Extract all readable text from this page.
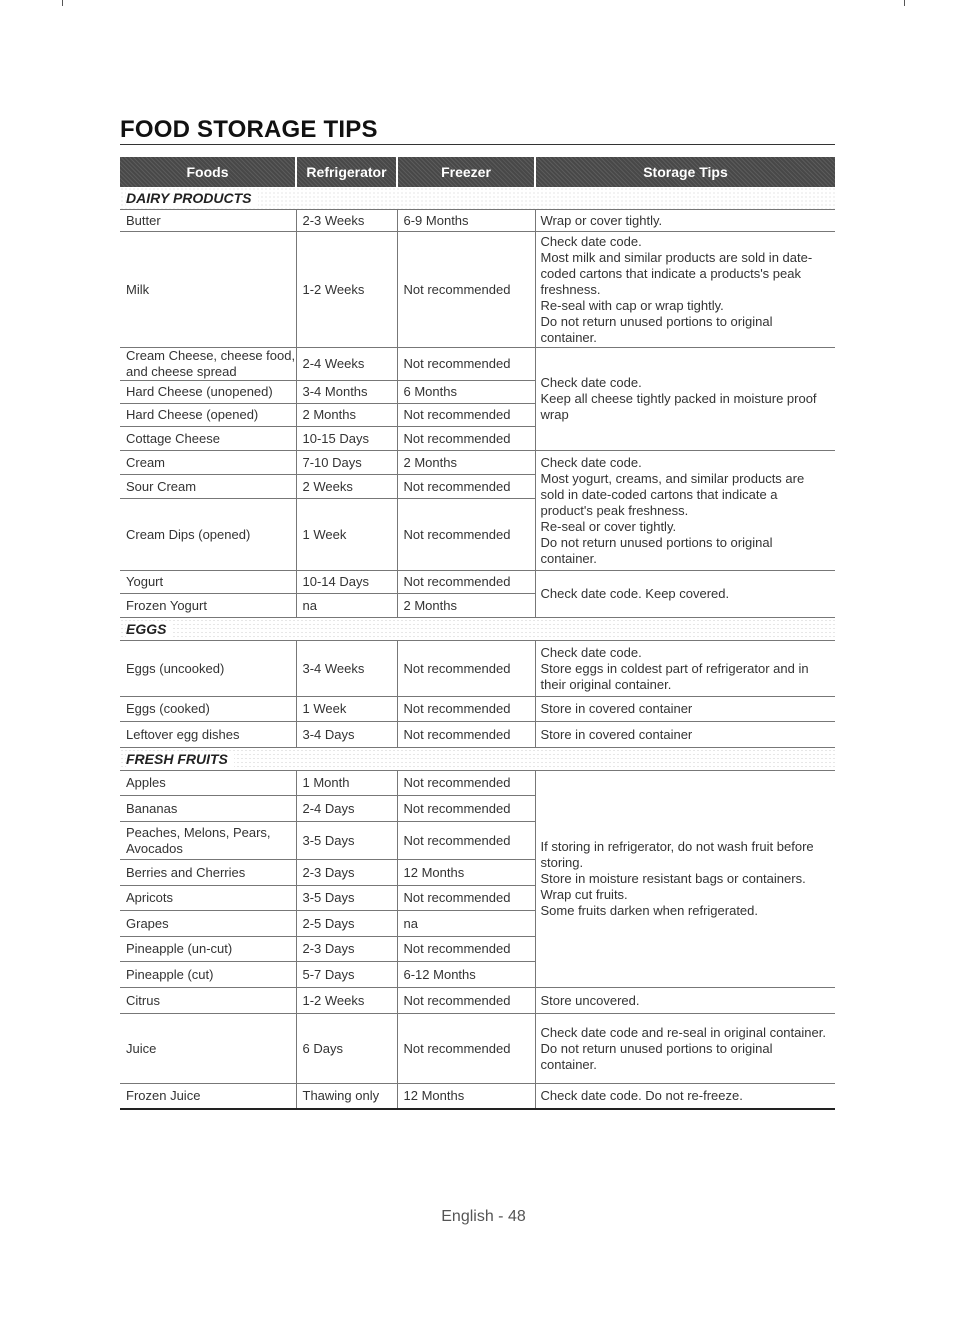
FOOD STORAGE TIPS
Foods	Refrigerator	Freezer	Storage Tips
DAIRY PRODUCTS			
Butter	2-3 Weeks	6-9 Months	Wrap or cover tightly.
Milk	1-2 Weeks	Not recommended	Check date code.
Most milk and similar products are sold in date-coded cartons that indicate a products's peak freshness.
Re-seal with cap or wrap tightly.
Do not return unused portions to original container.
Cream Cheese, cheese food, and cheese spread	2-4 Weeks	Not recommended	Check date code.
Keep all cheese tightly packed in moisture proof wrap
Hard Cheese (unopened)	3-4 Months	6 Months	
Hard Cheese (opened)	2 Months	Not recommended	
Cottage Cheese	10-15 Days	Not recommended	
Cream	7-10 Days	2 Months	Check date code.
Most yogurt, creams, and similar products are sold in date-coded cartons that indicate a product's peak freshness.
Re-seal or cover tightly.
Do not return unused portions to original container.
Sour Cream	2 Weeks	Not recommended	
Cream Dips (opened)	1 Week	Not recommended	
Yogurt	10-14 Days	Not recommended	Check date code. Keep covered.
Frozen Yogurt	na	2 Months	
EGGS			
Eggs (uncooked)	3-4 Weeks	Not recommended	Check date code.
Store eggs in coldest part of refrigerator and in their original container.
Eggs (cooked)	1 Week	Not recommended	Store in covered container
Leftover egg dishes	3-4 Days	Not recommended	Store in covered container
FRESH FRUITS			
Apples	1 Month	Not recommended	If storing in refrigerator, do not wash fruit before storing.
Store in moisture resistant bags or containers.
Wrap cut fruits.
Some fruits darken when refrigerated.
Bananas	2-4 Days	Not recommended	
Peaches, Melons, Pears, Avocados	3-5 Days	Not recommended	
Berries and Cherries	2-3 Days	12 Months	
Apricots	3-5 Days	Not recommended	
Grapes	2-5 Days	na	
Pineapple (un-cut)	2-3 Days	Not recommended	
Pineapple (cut)	5-7 Days	6-12 Months	
Citrus	1-2 Weeks	Not recommended	Store uncovered.
Juice	6 Days	Not recommended	Check date code and re-seal in original container.
Do not return unused portions to original container.
Frozen Juice	Thawing only	12 Months	Check date code. Do not re-freeze.
English - 48
